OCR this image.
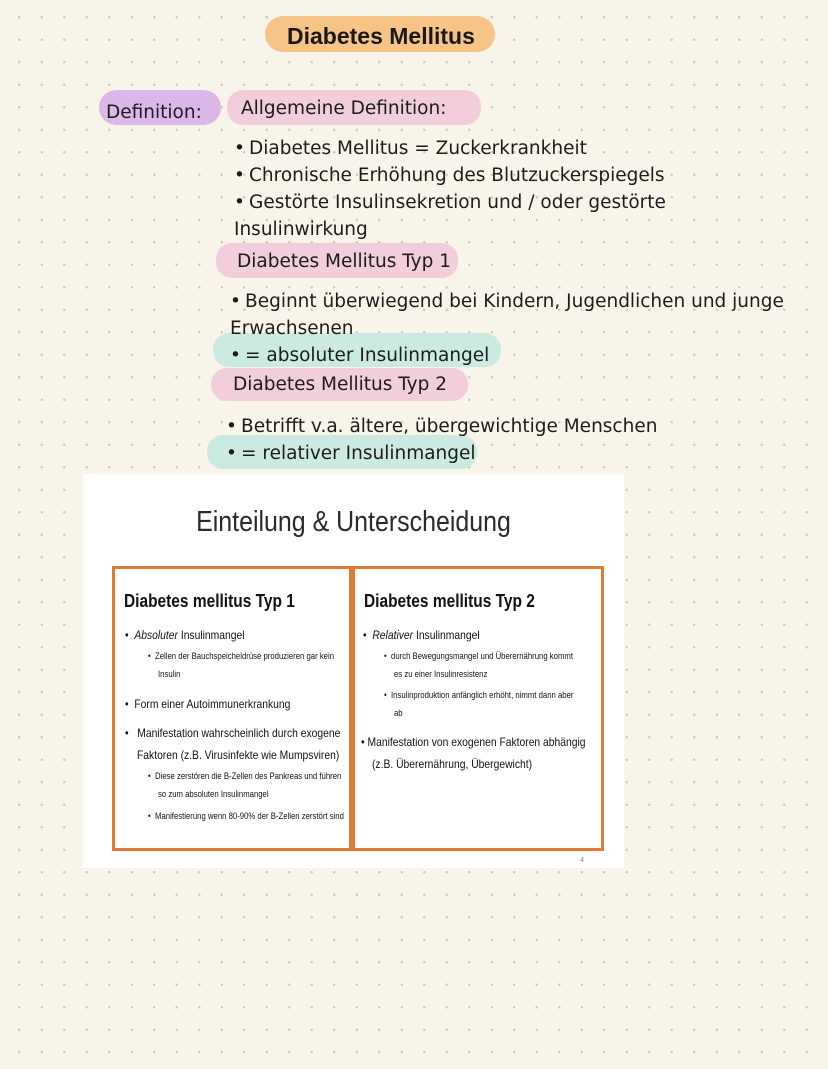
Diabetes Mellitus
Definition: Allgemeine Definition:
• Diabetes Mellitus = Zuckerkrankheit
• Chronische Erhöhung des Blutzuckerspiegels
• Gestörte Insulinsekretion und / oder gestörte
Insulinwirkung
Diabetes Mellitus Typ 1
• Beginnt überwiegend bei Kindern, Jugendlichen und junge
Erwachsenen
• = absoluter Insulinmangel
Diabetes Mellitus Typ 2
• Betrifft v.a. ältere, übergewichtige Menschen
• = relativer Insulinmangel
Einteilung & Unterscheidung
Diabetes mellitus Typ 1
• Absoluter Insulinmangel
• Zellen der Bauchspeicheldrüse produzieren gar kein
Insulin
• Form einer Autoimmunerkrankung
• Manifestation wahrscheinlich durch exogene
Faktoren (z.B. Virusinfekte wie Mumpsviren)
• Diese zerstören die B-Zellen des Pankreas und führen
so zum absoluten Insulinmangel
• Manifestierung wenn 80-90% der B-Zellen zerstört sind
Diabetes mellitus Typ 2
• Relativer Insulinmangel
• durch Bewegungsmangel und Überernährung kommt
es zu einer Insulinresistenz
• Insulinproduktion anfänglich erhöht, nimmt dann aber
ab
• Manifestation von exogenen Faktoren abhängig
(z.B. Überernährung, Übergewicht)
4
